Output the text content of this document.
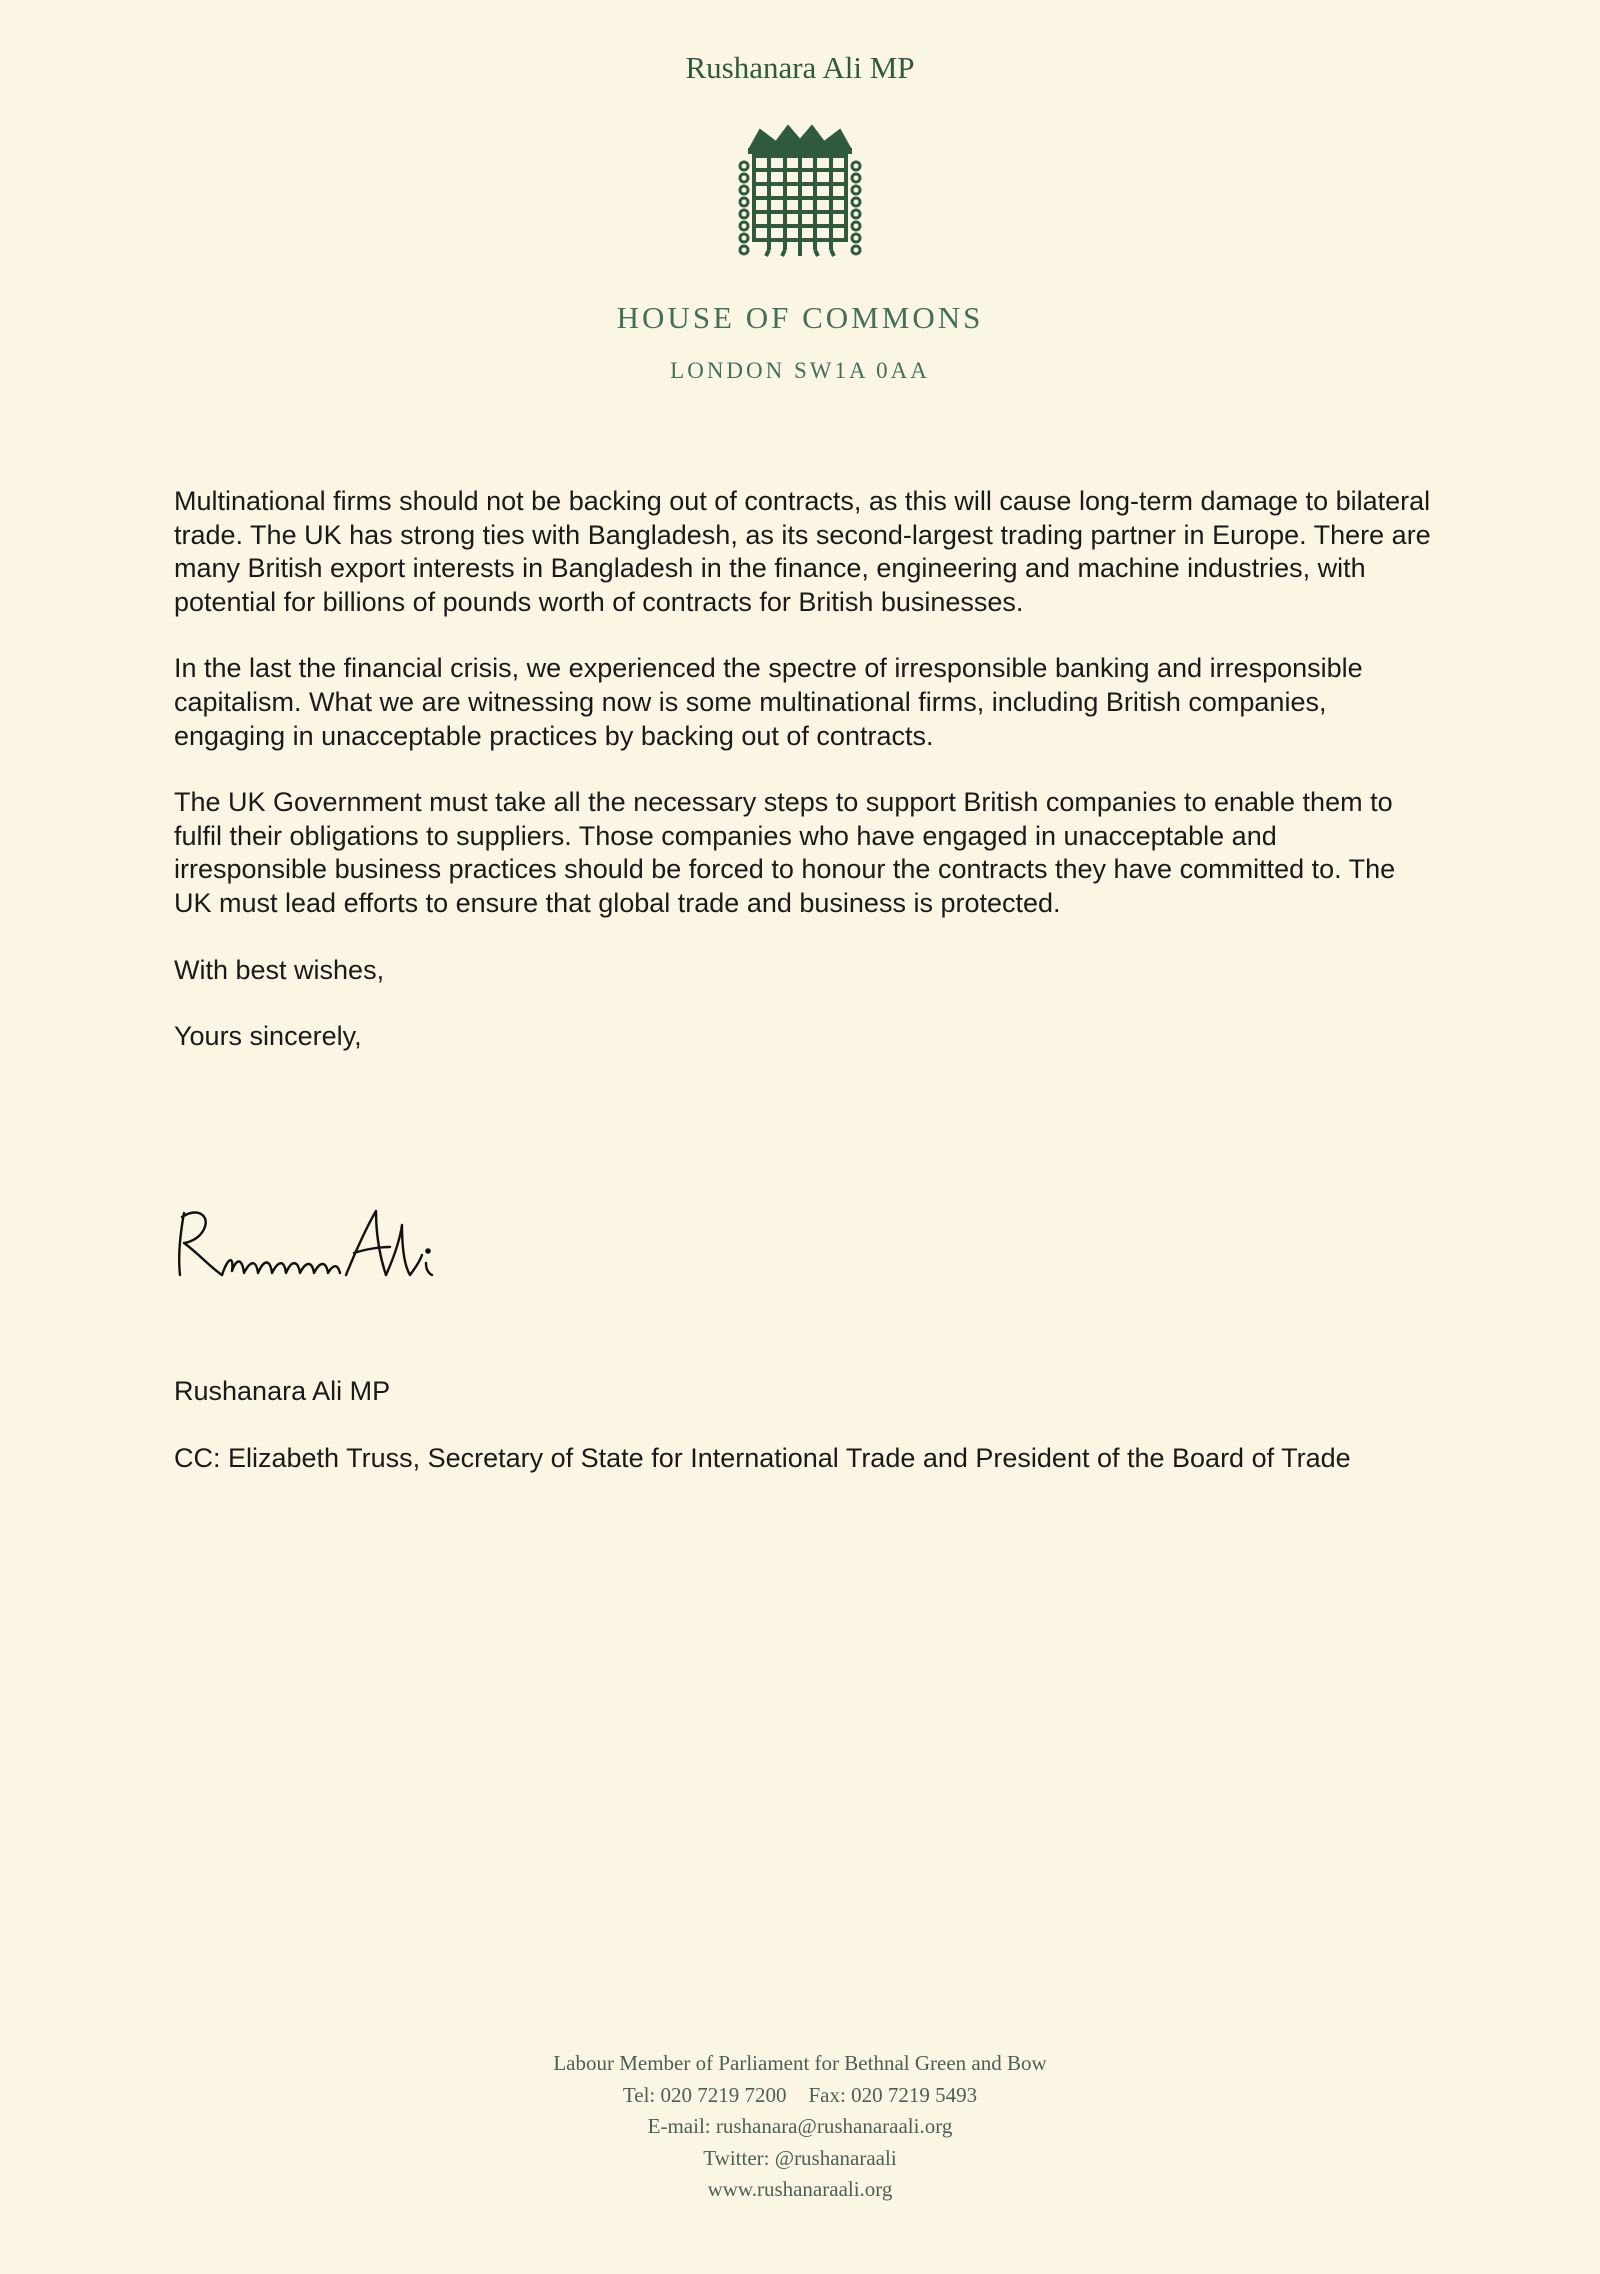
Rushanara Ali MP
HOUSE OF COMMONS
LONDON SW1A 0AA

Multinational firms should not be backing out of contracts, as this will cause long-term damage to bilateral trade. The UK has strong ties with Bangladesh, as its second-largest trading partner in Europe. There are many British export interests in Bangladesh in the finance, engineering and machine industries, with potential for billions of pounds worth of contracts for British businesses.

In the last the financial crisis, we experienced the spectre of irresponsible banking and irresponsible capitalism. What we are witnessing now is some multinational firms, including British companies, engaging in unacceptable practices by backing out of contracts.

The UK Government must take all the necessary steps to support British companies to enable them to fulfil their obligations to suppliers. Those companies who have engaged in unacceptable and irresponsible business practices should be forced to honour the contracts they have committed to. The UK must lead efforts to ensure that global trade and business is protected.

With best wishes,

Yours sincerely,

Rushanara Ali MP

CC: Elizabeth Truss, Secretary of State for International Trade and President of the Board of Trade

Labour Member of Parliament for Bethnal Green and Bow
Tel: 020 7219 7200 Fax: 020 7219 5493
E-mail: rushanara@rushanaraali.org
Twitter: @rushanaraali
www.rushanaraali.org
